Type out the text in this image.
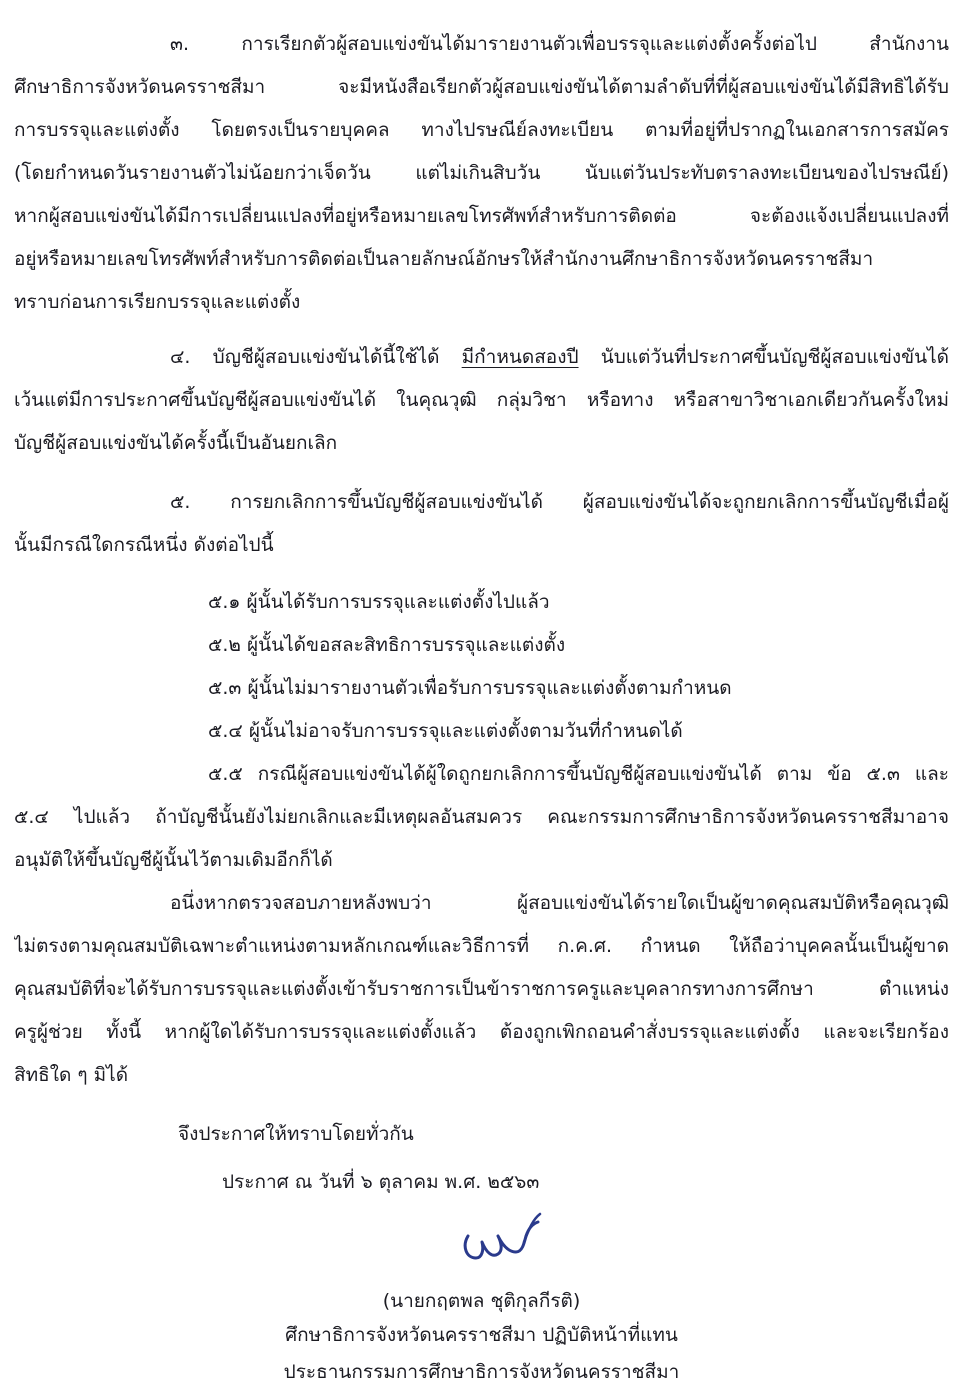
๓. การเรียกตัวผู้สอบแข่งขันได้มารายงานตัวเพื่อบรรจุและแต่งตั้งครั้งต่อไป สำนักงาน
ศึกษาธิการจังหวัดนครราชสีมา จะมีหนังสือเรียกตัวผู้สอบแข่งขันได้ตามลำดับที่ที่ผู้สอบแข่งขันได้มีสิทธิได้รับ
การบรรจุและแต่งตั้ง โดยตรงเป็นรายบุคคล ทางไปรษณีย์ลงทะเบียน ตามที่อยู่ที่ปรากฏในเอกสารการสมัคร
(โดยกำหนดวันรายงานตัวไม่น้อยกว่าเจ็ดวัน แต่ไม่เกินสิบวัน นับแต่วันประทับตราลงทะเบียนของไปรษณีย์)
หากผู้สอบแข่งขันได้มีการเปลี่ยนแปลงที่อยู่หรือหมายเลขโทรศัพท์สำหรับการติดต่อ จะต้องแจ้งเปลี่ยนแปลงที่
อยู่หรือหมายเลขโทรศัพท์สำหรับการติดต่อเป็นลายลักษณ์อักษรให้สำนักงานศึกษาธิการจังหวัดนครราชสีมา
ทราบก่อนการเรียกบรรจุและแต่งตั้ง
๔. บัญชีผู้สอบแข่งขันได้นี้ใช้ได้ มีกำหนดสองปี นับแต่วันที่ประกาศขึ้นบัญชีผู้สอบแข่งขันได้
เว้นแต่มีการประกาศขึ้นบัญชีผู้สอบแข่งขันได้ ในคุณวุฒิ กลุ่มวิชา หรือทาง หรือสาขาวิชาเอกเดียวกันครั้งใหม่
บัญชีผู้สอบแข่งขันได้ครั้งนี้เป็นอันยกเลิก
๕. การยกเลิกการขึ้นบัญชีผู้สอบแข่งขันได้ ผู้สอบแข่งขันได้จะถูกยกเลิกการขึ้นบัญชีเมื่อผู้
นั้นมีกรณีใดกรณีหนึ่ง ดังต่อไปนี้
๕.๑ ผู้นั้นได้รับการบรรจุและแต่งตั้งไปแล้ว
๕.๒ ผู้นั้นได้ขอสละสิทธิการบรรจุและแต่งตั้ง
๕.๓ ผู้นั้นไม่มารายงานตัวเพื่อรับการบรรจุและแต่งตั้งตามกำหนด
๕.๔ ผู้นั้นไม่อาจรับการบรรจุและแต่งตั้งตามวันที่กำหนดได้
๕.๕ กรณีผู้สอบแข่งขันได้ผู้ใดถูกยกเลิกการขึ้นบัญชีผู้สอบแข่งขันได้ ตาม ข้อ ๕.๓ และ
๕.๔ ไปแล้ว ถ้าบัญชีนั้นยังไม่ยกเลิกและมีเหตุผลอันสมควร คณะกรรมการศึกษาธิการจังหวัดนครราชสีมาอาจ
อนุมัติให้ขึ้นบัญชีผู้นั้นไว้ตามเดิมอีกก็ได้
อนึ่งหากตรวจสอบภายหลังพบว่า ผู้สอบแข่งขันได้รายใดเป็นผู้ขาดคุณสมบัติหรือคุณวุฒิ
ไม่ตรงตามคุณสมบัติเฉพาะตำแหน่งตามหลักเกณฑ์และวิธีการที่ ก.ค.ศ. กำหนด ให้ถือว่าบุคคลนั้นเป็นผู้ขาด
คุณสมบัติที่จะได้รับการบรรจุและแต่งตั้งเข้ารับราชการเป็นข้าราชการครูและบุคลากรทางการศึกษา ตำแหน่ง
ครูผู้ช่วย ทั้งนี้ หากผู้ใดได้รับการบรรจุและแต่งตั้งแล้ว ต้องถูกเพิกถอนคำสั่งบรรจุและแต่งตั้ง และจะเรียกร้อง
สิทธิใด ๆ มิได้
จึงประกาศให้ทราบโดยทั่วกัน
ประกาศ ณ วันที่ ๖ ตุลาคม พ.ศ. ๒๕๖๓
(นายกฤตพล ชุติกุลกีรติ)
ศึกษาธิการจังหวัดนครราชสีมา ปฏิบัติหน้าที่แทน
ประธานกรรมการศึกษาธิการจังหวัดนครราชสีมา
